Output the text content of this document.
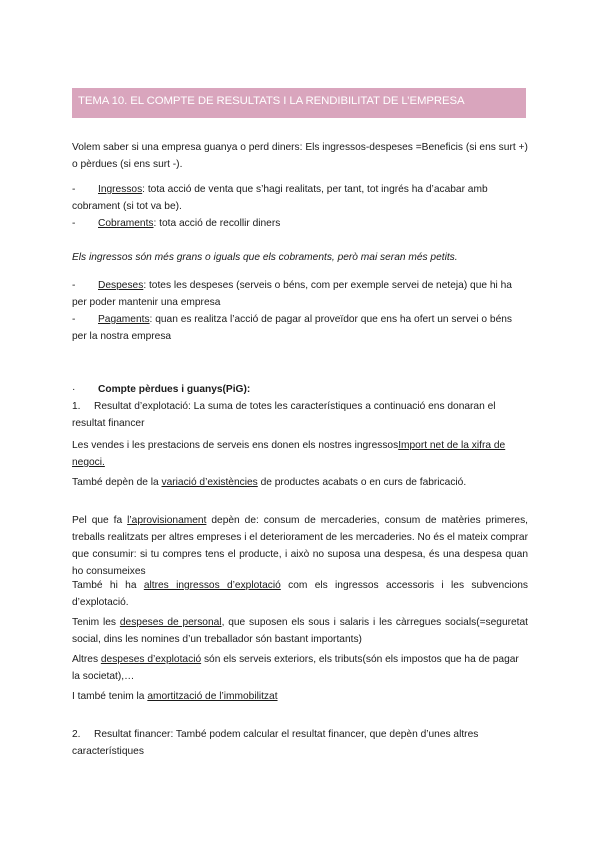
TEMA 10. EL COMPTE DE RESULTATS I LA RENDIBILITAT DE L’EMPRESA
Volem saber si una empresa guanya o perd diners: Els ingressos-despeses =Beneficis (si ens surt +) o pèrdues (si ens surt -).
- Ingressos: tota acció de venta que s’hagi realitats, per tant, tot ingrés ha d’acabar amb cobrament (si tot va be).
- Cobraments: tota acció de recollir diners
Els ingressos són més grans o iguals que els cobraments, però mai seran més petits.
- Despeses: totes les despeses (serveis o béns, com per exemple servei de neteja) que hi ha per poder mantenir una empresa
- Pagaments: quan es realitza l’acció de pagar al proveïdor que ens ha ofert un servei o béns per la nostra empresa
· Compte pèrdues i guanys(PiG):
1. Resultat d’explotació: La suma de totes les característiques a continuació ens donaran el resultat financer
Les vendes i les prestacions de serveis ens donen els nostres ingressosImport net de la xifra de negoci.
També depèn de la variació d’existències de productes acabats o en curs de fabricació.
Pel que fa l’aprovisionament depèn de: consum de mercaderies, consum de matèries primeres, treballs realitzats per altres empreses i el deteriorament de les mercaderies. No és el mateix comprar que consumir: si tu compres tens el producte, i això no suposa una despesa, és una despesa quan ho consumeixes
També hi ha altres ingressos d’explotació com els ingressos accessoris i les subvencions d’explotació.
Tenim les despeses de personal, que suposen els sous i salaris i les càrregues socials(=seguretat social, dins les nomines d’un treballador són bastant importants)
Altres despeses d’explotació són els serveis exteriors, els tributs(són els impostos que ha de pagar la societat),…
I també tenim la amortització de l’immobilitzat
2. Resultat financer: També podem calcular el resultat financer, que depèn d’unes altres característiques
